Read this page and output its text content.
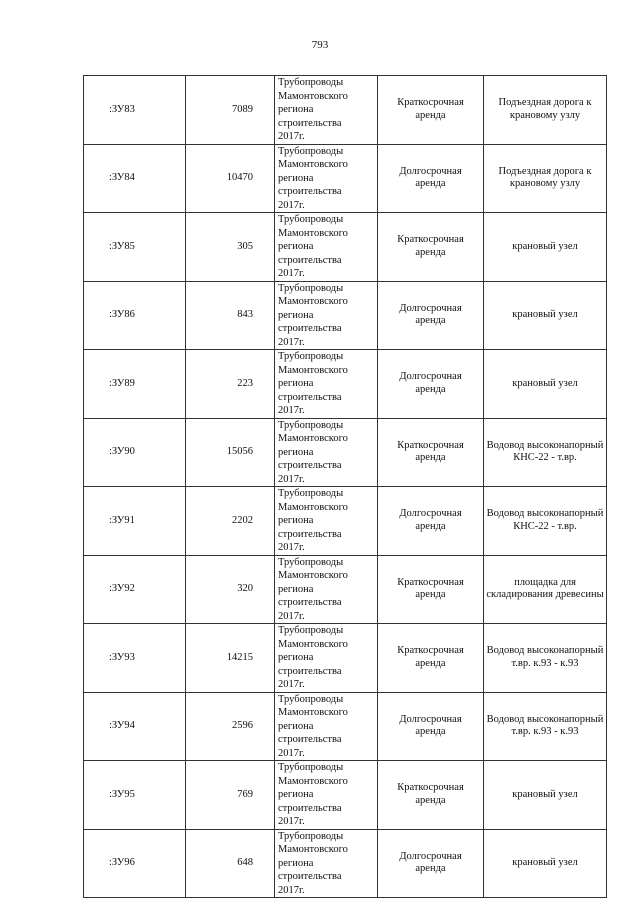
793
:ЗУ83	7089	Трубопроводы
Мамонтовского
региона
строительства
2017г.	Краткосрочная
аренда	Подъездная дорога к
крановому узлу

:ЗУ84	10470	Трубопроводы
Мамонтовского
региона
строительства
2017г.	Долгосрочная
аренда	Подъездная дорога к
крановому узлу

:ЗУ85	305	Трубопроводы
Мамонтовского
региона
строительства
2017г.	Краткосрочная
аренда	крановый узел

:ЗУ86	843	Трубопроводы
Мамонтовского
региона
строительства
2017г.	Долгосрочная
аренда	крановый узел

:ЗУ89	223	Трубопроводы
Мамонтовского
региона
строительства
2017г.	Долгосрочная
аренда	крановый узел

:ЗУ90	15056	Трубопроводы
Мамонтовского
региона
строительства
2017г.	Краткосрочная
аренда	Водовод высоконапорный
КНС-22 - т.вр.

:ЗУ91	2202	Трубопроводы
Мамонтовского
региона
строительства
2017г.	Долгосрочная
аренда	Водовод высоконапорный
КНС-22 - т.вр.

:ЗУ92	320	Трубопроводы
Мамонтовского
региона
строительства
2017г.	Краткосрочная
аренда	площадка для
складирования древесины

:ЗУ93	14215	Трубопроводы
Мамонтовского
региона
строительства
2017г.	Краткосрочная
аренда	Водовод высоконапорный
т.вр. к.93 - к.93

:ЗУ94	2596	Трубопроводы
Мамонтовского
региона
строительства
2017г.	Долгосрочная
аренда	Водовод высоконапорный
т.вр. к.93 - к.93

:ЗУ95	769	Трубопроводы
Мамонтовского
региона
строительства
2017г.	Краткосрочная
аренда	крановый узел

:ЗУ96	648	Трубопроводы
Мамонтовского
региона
строительства
2017г.	Долгосрочная
аренда	крановый узел
